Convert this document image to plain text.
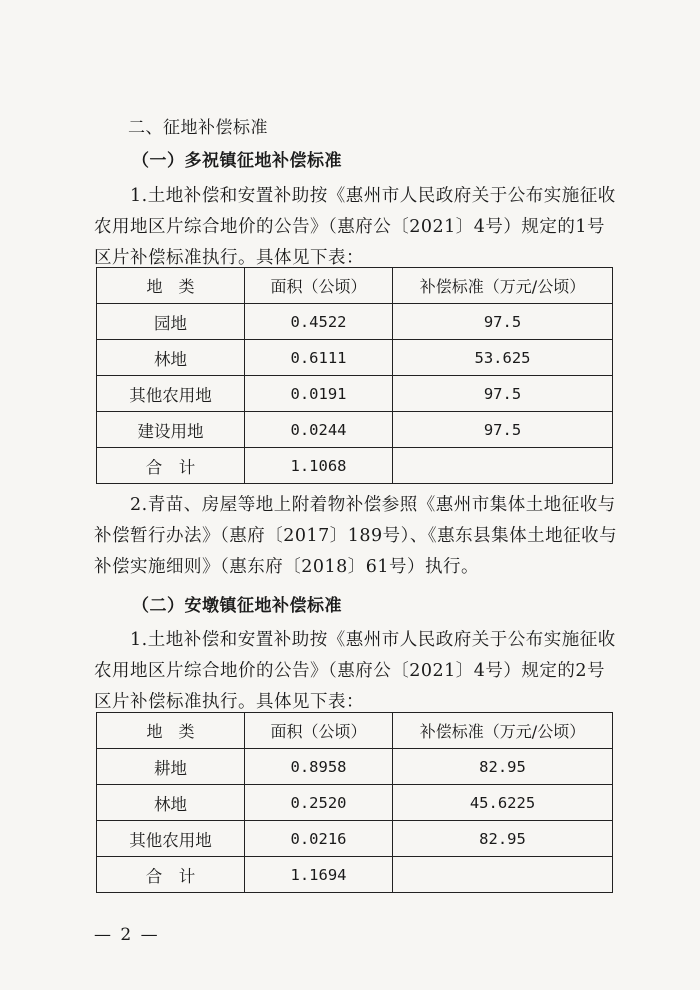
二、征地补偿标准
（一）多祝镇征地补偿标准
1.土地补偿和安置补助按《惠州市人民政府关于公布实施征收
农用地区片综合地价的公告》（惠府公〔2021〕4号）规定的1号
区片补偿标准执行。具体见下表：
地　类	面积（公顷）	补偿标准（万元/公顷）
园地	0.4522	97.5
林地	0.6111	53.625
其他农用地	0.0191	97.5
建设用地	0.0244	97.5
合　计	1.1068	
2.青苗、房屋等地上附着物补偿参照《惠州市集体土地征收与
补偿暂行办法》（惠府〔2017〕189号）、《惠东县集体土地征收与
补偿实施细则》（惠东府〔2018〕61号）执行。
（二）安墩镇征地补偿标准
1.土地补偿和安置补助按《惠州市人民政府关于公布实施征收
农用地区片综合地价的公告》（惠府公〔2021〕4号）规定的2号
区片补偿标准执行。具体见下表：
地　类	面积（公顷）	补偿标准（万元/公顷）
耕地	0.8958	82.95
林地	0.2520	45.6225
其他农用地	0.0216	82.95
合　计	1.1694	
— 2 —
